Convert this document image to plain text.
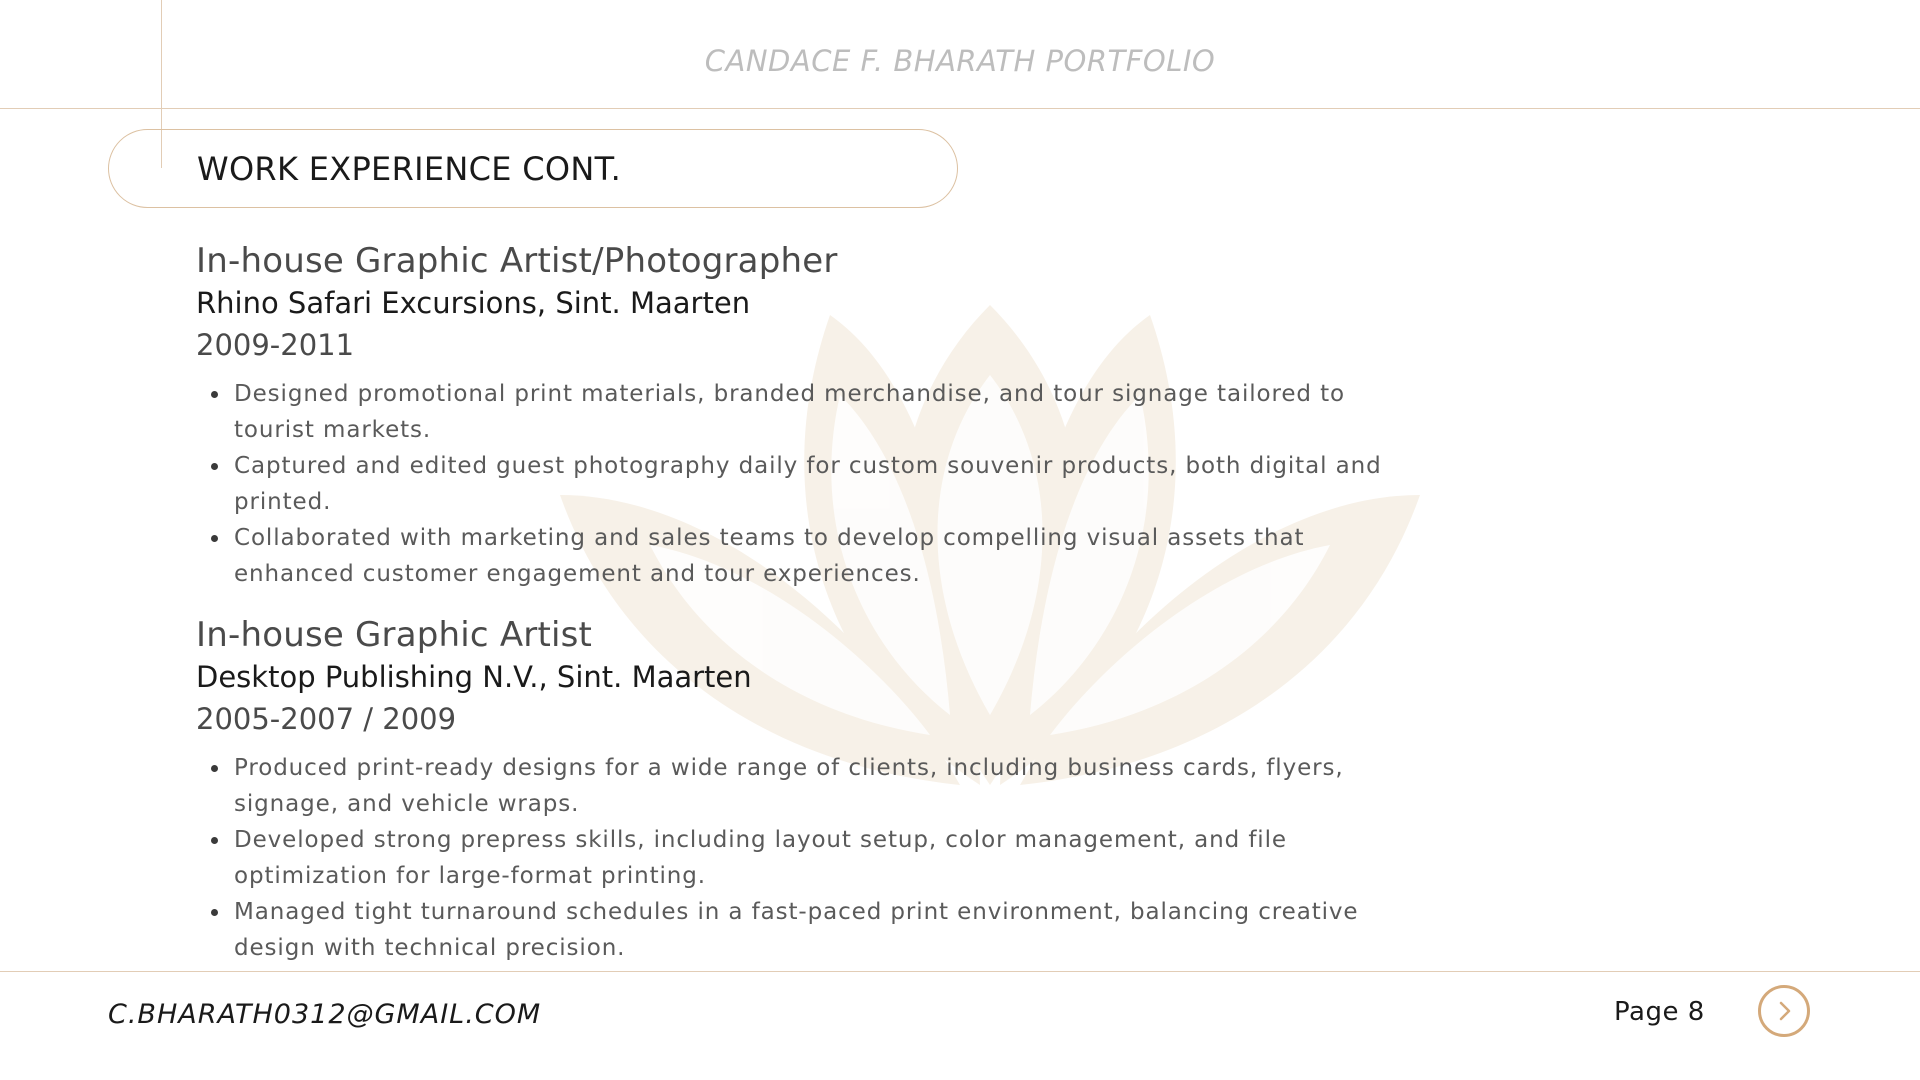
CANDACE F. BHARATH PORTFOLIO
WORK EXPERIENCE CONT.
In-house Graphic Artist/Photographer
Rhino Safari Excursions, Sint. Maarten
2009-2011
Designed promotional print materials, branded merchandise, and tour signage tailored to tourist markets.
Captured and edited guest photography daily for custom souvenir products, both digital and printed.
Collaborated with marketing and sales teams to develop compelling visual assets that enhanced customer engagement and tour experiences.
In-house Graphic Artist
Desktop Publishing N.V., Sint. Maarten
2005-2007 / 2009
Produced print-ready designs for a wide range of clients, including business cards, flyers, signage, and vehicle wraps.
Developed strong prepress skills, including layout setup, color management, and file optimization for large-format printing.
Managed tight turnaround schedules in a fast-paced print environment, balancing creative design with technical precision.
C.BHARATH0312@GMAIL.COM	Page 8
